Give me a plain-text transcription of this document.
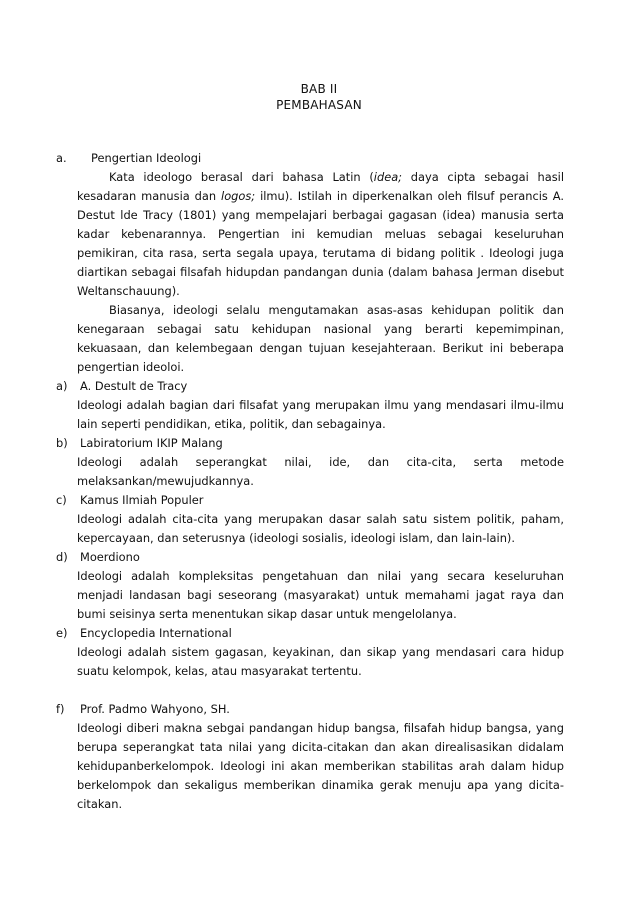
BAB II
PEMBAHASAN
a. Pengertian Ideologi
Kata ideologo berasal dari bahasa Latin (idea; daya cipta sebagai hasil kesadaran manusia dan logos; ilmu). Istilah in diperkenalkan oleh filsuf perancis A. Destut lde Tracy (1801) yang mempelajari berbagai gagasan (idea) manusia serta kadar kebenarannya. Pengertian ini kemudian meluas sebagai keseluruhan pemikiran, cita rasa, serta segala upaya, terutama di bidang politik . Ideologi juga diartikan sebagai filsafah hidupdan pandangan dunia (dalam bahasa Jerman disebut Weltanschauung).
Biasanya, ideologi selalu mengutamakan asas-asas kehidupan politik dan kenegaraan sebagai satu kehidupan nasional yang berarti kepemimpinan, kekuasaan, dan kelembegaan dengan tujuan kesejahteraan. Berikut ini beberapa pengertian ideoloi.
a) A. Destult de Tracy
Ideologi adalah bagian dari filsafat yang merupakan ilmu yang mendasari ilmu-ilmu lain seperti pendidikan, etika, politik, dan sebagainya.
b) Labiratorium IKIP Malang
Ideologi adalah seperangkat nilai, ide, dan cita-cita, serta metode melaksankan/mewujudkannya.
c) Kamus Ilmiah Populer
Ideologi adalah cita-cita yang merupakan dasar salah satu sistem politik, paham, kepercayaan, dan seterusnya (ideologi sosialis, ideologi islam, dan lain-lain).
d) Moerdiono
Ideologi adalah kompleksitas pengetahuan dan nilai yang secara keseluruhan menjadi landasan bagi seseorang (masyarakat) untuk memahami jagat raya dan bumi seisinya serta menentukan sikap dasar untuk mengelolanya.
e) Encyclopedia International
Ideologi adalah sistem gagasan, keyakinan, dan sikap yang mendasari cara hidup suatu kelompok, kelas, atau masyarakat tertentu.
f) Prof. Padmo Wahyono, SH.
Ideologi diberi makna sebgai pandangan hidup bangsa, filsafah hidup bangsa, yang berupa seperangkat tata nilai yang dicita-citakan dan akan direalisasikan didalam kehidupanberkelompok. Ideologi ini akan memberikan stabilitas arah dalam hidup berkelompok dan sekaligus memberikan dinamika gerak menuju apa yang dicita-citakan.
